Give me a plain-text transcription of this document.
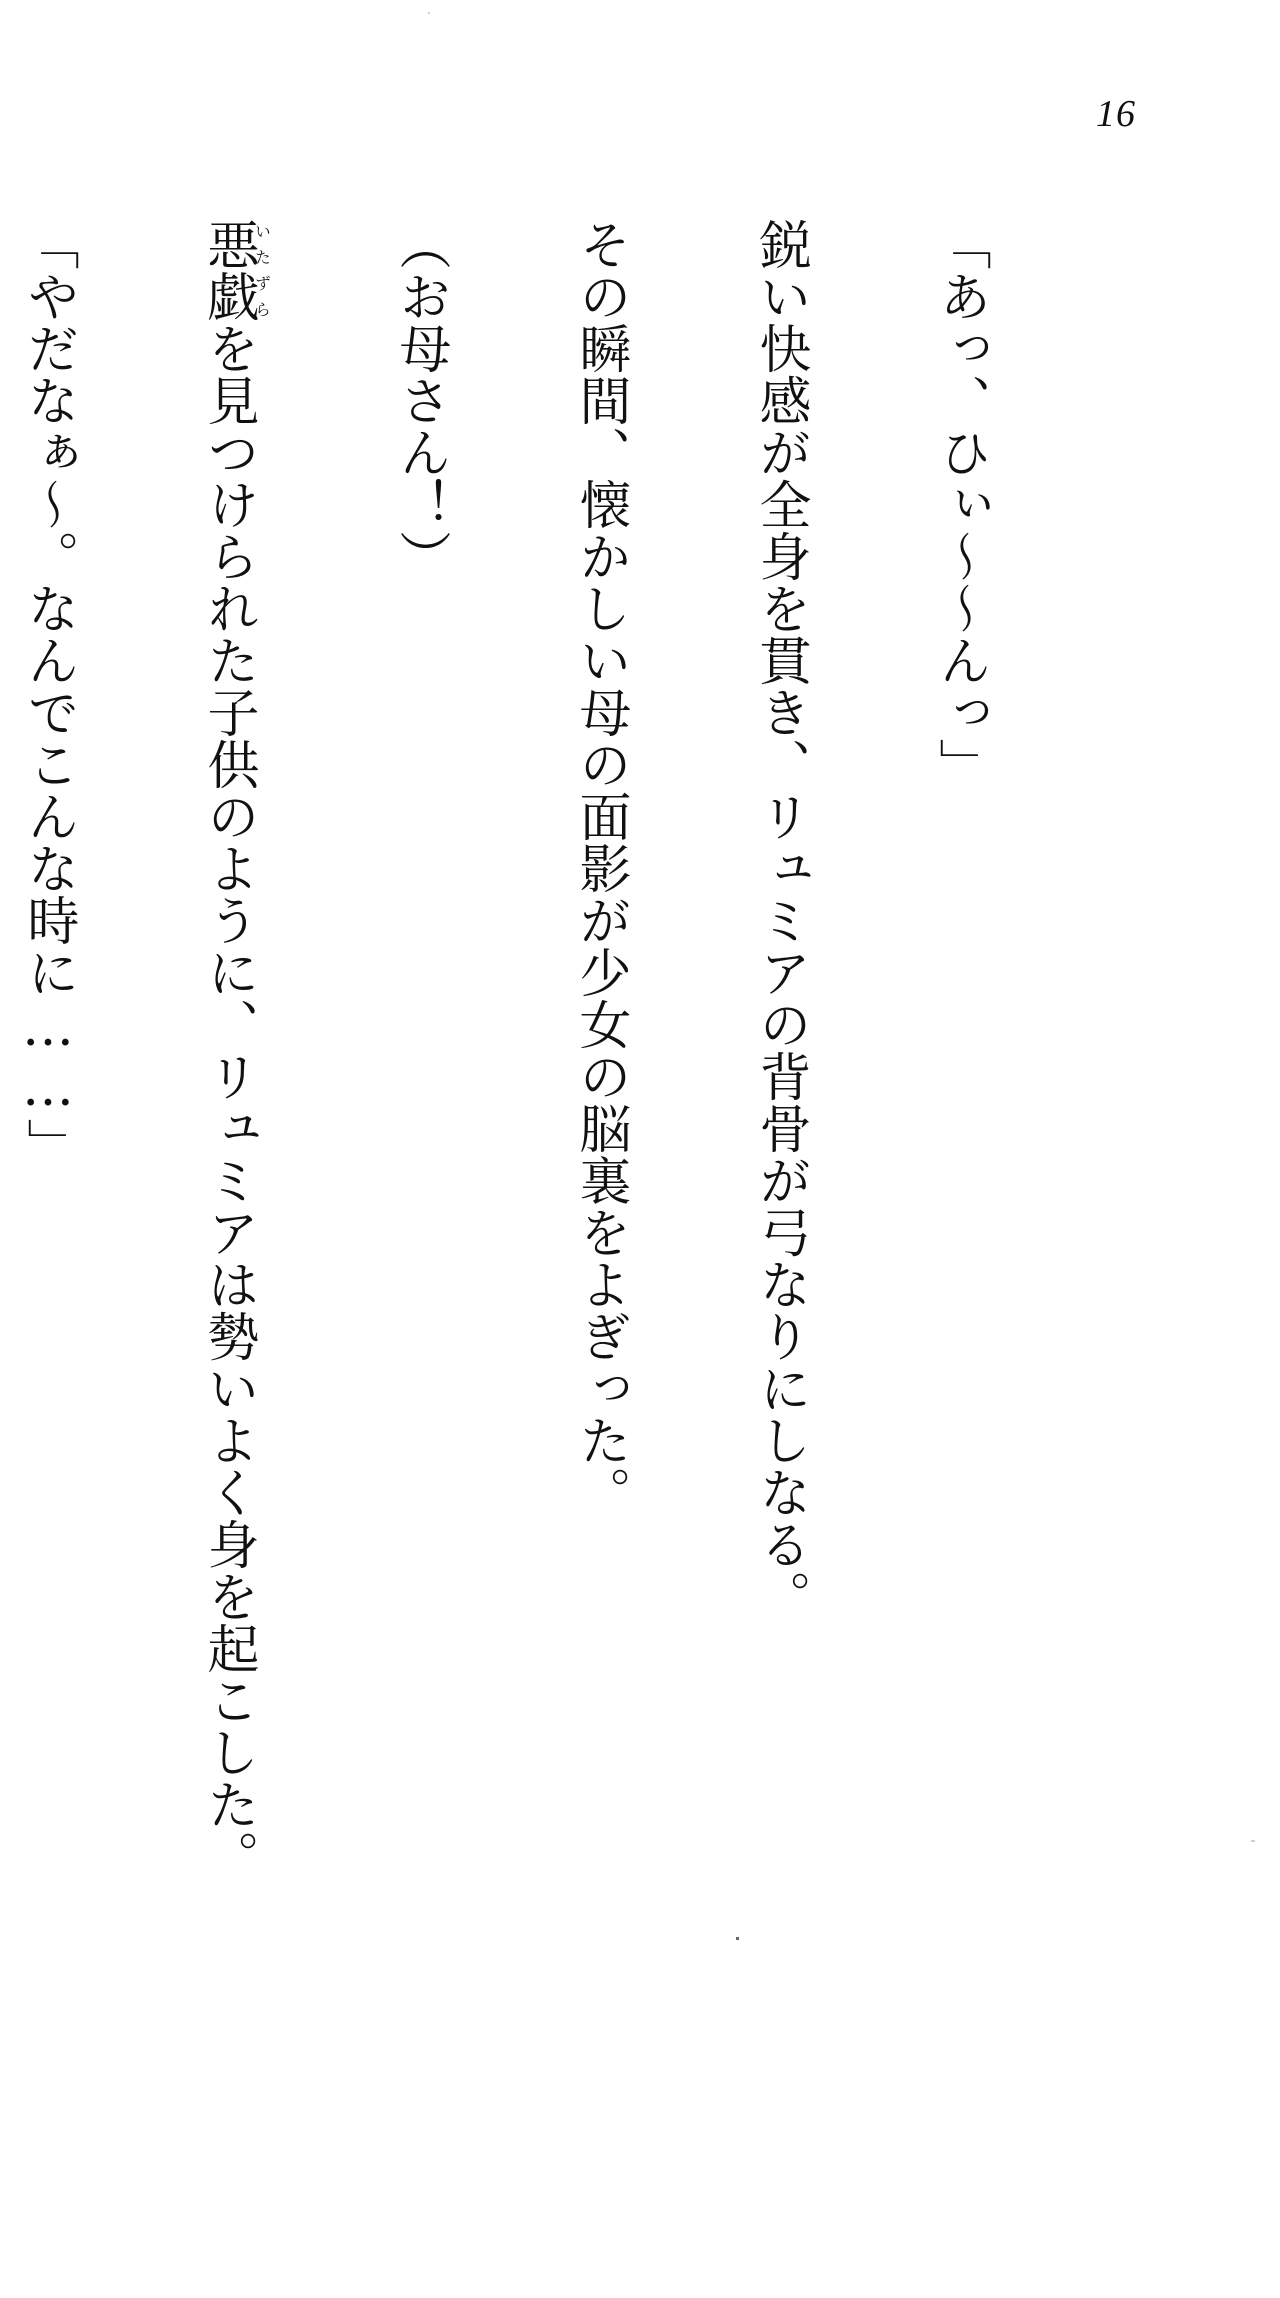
16

「あっ、ひぃ〜〜んっ」

鋭い快感が全身を貫き、リュミアの背骨が弓なりにしなる。

その瞬間、懐かしい母の面影が少女の脳裏をよぎった。

（お母さん！）

悪戯いたずらを見つけられた子供のように、リュミアは勢いよく身を起こした。

「やだなぁ〜。なんでこんな時に……」
